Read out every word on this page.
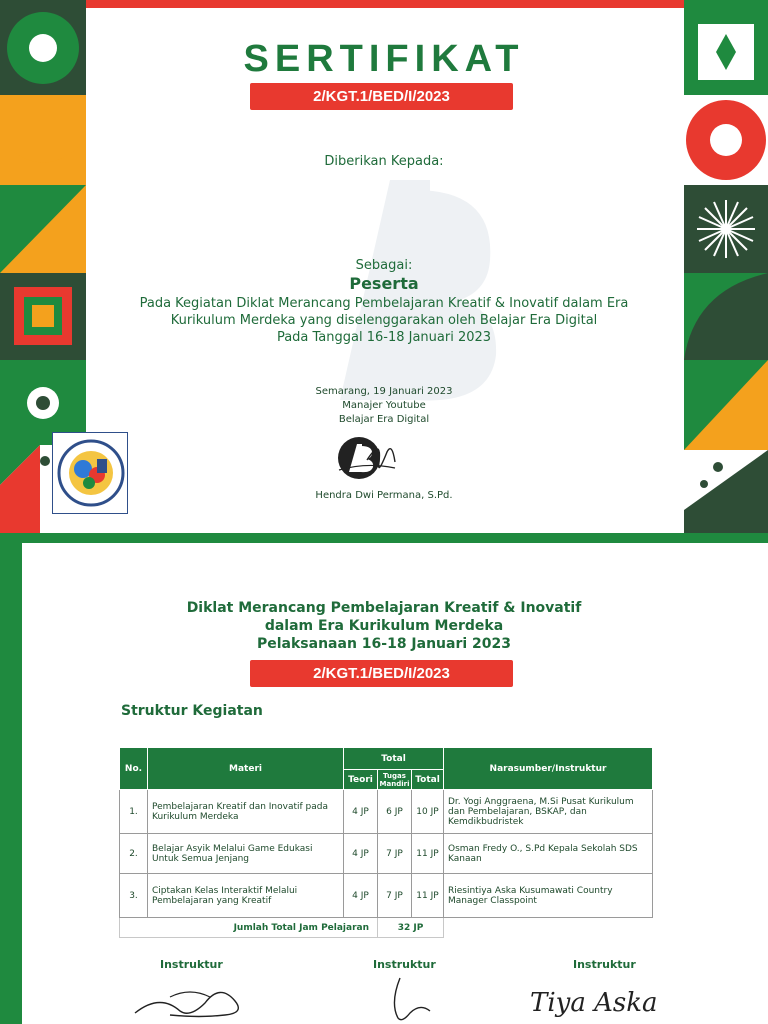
SERTIFIKAT
2/KGT.1/BED/I/2023
Diberikan Kepada:
Sebagai:
Peserta
Pada Kegiatan Diklat Merancang Pembelajaran Kreatif & Inovatif dalam Era
Kurikulum Merdeka yang diselenggarakan oleh Belajar Era Digital
Pada Tanggal 16-18 Januari 2023
Semarang, 19 Januari 2023
Manajer Youtube
Belajar Era Digital
Hendra Dwi Permana, S.Pd.
Diklat Merancang Pembelajaran Kreatif & Inovatif
dalam Era Kurikulum Merdeka
Pelaksanaan 16-18 Januari 2023
2/KGT.1/BED/I/2023
Struktur Kegiatan
No.	Materi	Total			Narasumber/Instruktur
		Teori	Tugas Mandiri	Total	
1.	Pembelajaran Kreatif dan Inovatif pada Kurikulum Merdeka	4 JP	6 JP	10 JP	Dr. Yogi Anggraena, M.Si Pusat Kurikulum dan Pembelajaran, BSKAP, dan Kemdikbudristek
2.	Belajar Asyik Melalui Game Edukasi Untuk Semua Jenjang	4 JP	7 JP	11 JP	Osman Fredy O., S.Pd Kepala Sekolah SDS Kanaan
3.	Ciptakan Kelas Interaktif Melalui Pembelajaran yang Kreatif	4 JP	7 JP	11 JP	Riesintiya Aska Kusumawati Country Manager Classpoint
Jumlah Total Jam Pelajaran			32 JP		
Instruktur	Instruktur	Instruktur
Tiya Aska
